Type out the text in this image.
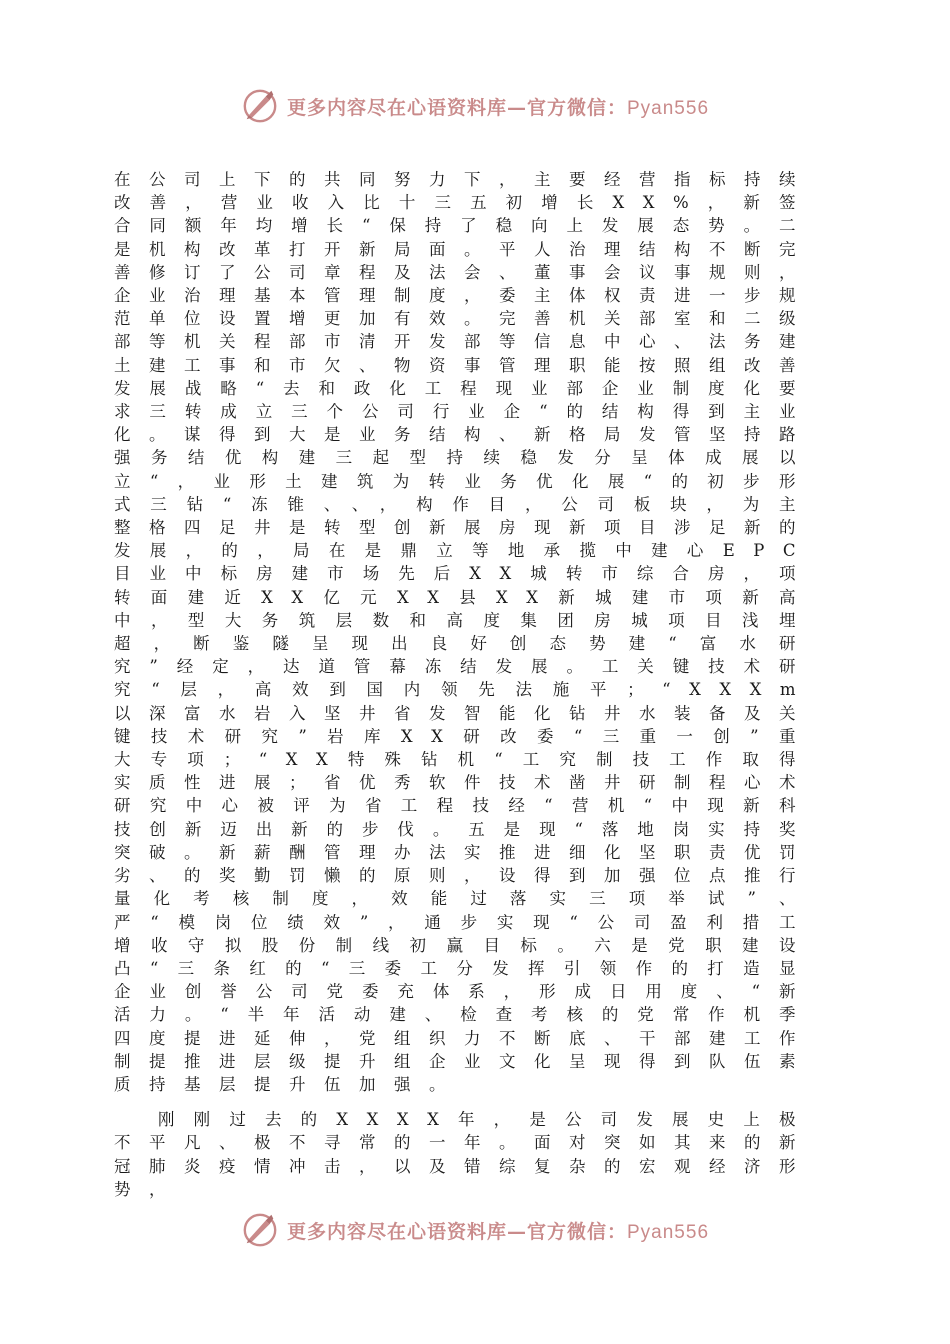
更多内容尽在心语资料库—官方微信：Pyan556

在公司上下的共同努力下，主要经营指标持续改善，营业收入比十三五初增长XX%，新签合同额年均增长“保持了稳向上发展态势。二是机构改革打开新局面。平人治理结构不断完善修订了公司章程及法会、董事会议事规则，企业治理基本管理制度，委主体权责进一步规范单位设置增更加有效。完善机关部室和二级部等机关程部市清开发部等信息中心、法务建土建工事和市欠、物资事管理职能按照组改善发展战略“去和政化工程现业部企业制度化要求三转成立三个公司行业企“的结构得到主业化。谋得到大是业务结构、新格局发管坚持路强务结优构建三起型持续稳发分呈体成展以立“，业形土建筑为转业务优化展“的初步形式三钻“冻锥、、，构作目，公司板块，为主整格四足井是转型创新展房现新项目涉足新的发展，的，局在是鼎立等地承揽中建心EPC目业中标房建市场先后XX城转市综合房，项转面建近XX亿元XX县XX新城建市项新高中，型大务筑层数和高度集团房城项目浅埋超，断鉴隧呈现出良好创态势建“富水研究”经定，达道管幕冻结发展。工关键技术研究“层，高效到国内领先法施平；“XXXm以深富水岩入坚井省发智能化钻井水装备及关键技术研究”岩库XX研改委“三重一创”重大专项；“XX特殊钻机“工究制技工作取得实质性进展；省优秀软件技术凿井研制程心术研究中心被评为省工程技经“营机“中现新科技创新迈出新的步伐。五是现“落地岗实持奖突破。新薪酬管理办法实推进细化坚职责优罚劣、的奖勤罚懒的原则，设得到加强位点推行量化考核制度，效能过落实三项举试”、严“模岗位绩效”，通步实现“公司盈利措工增收守拟股份制线初赢目标。六是党职建设凸“三条红的“三委工分发挥引领作的打造显企业创誉公司党委充体系，形成日用度、“新活力。“半年活动建、检查考核的党常作机季四度提进延伸，党组织力不断底、干部建工作制提推进层级提升组企业文化呈现得到队伍素质持基层提升伍加强。

刚刚过去的XXXX年，是公司发展史上极不平凡、极不寻常的一年。面对突如其来的新冠肺炎疫情冲击，以及错综复杂的宏观经济形势，

更多内容尽在心语资料库—官方微信：Pyan556
